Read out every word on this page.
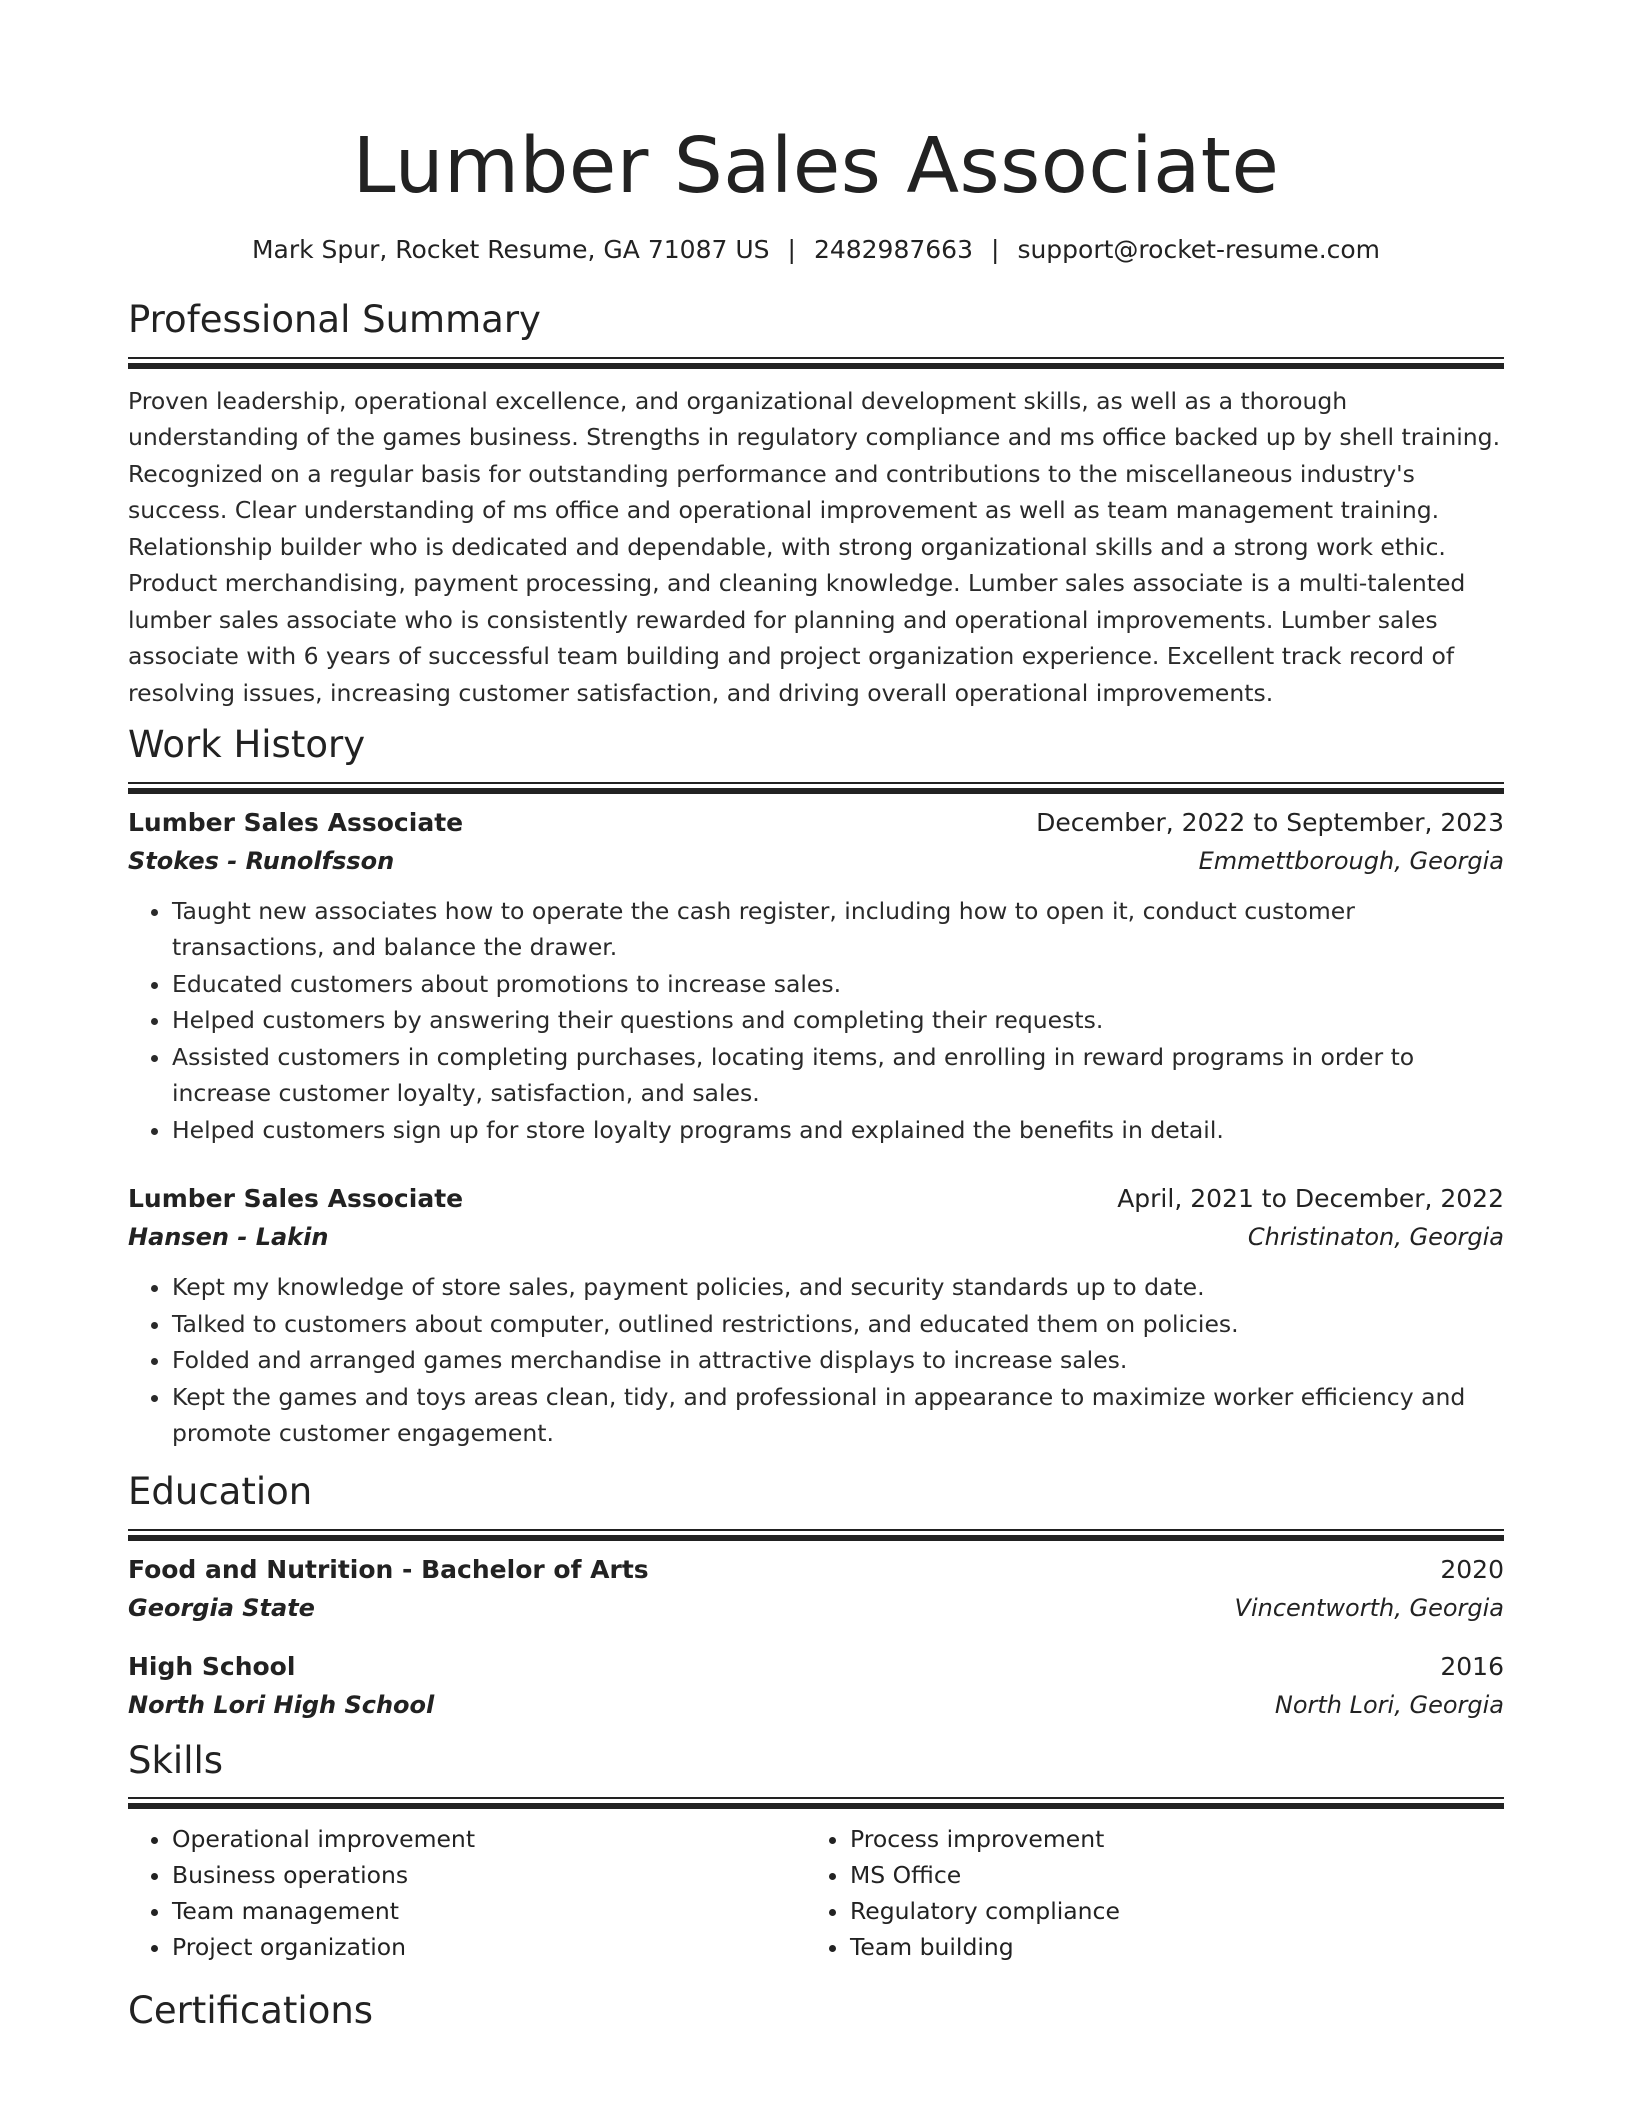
Lumber Sales Associate
Mark Spur, Rocket Resume, GA 71087 US | 2482987663 | support@rocket-resume.com
Professional Summary

Proven leadership, operational excellence, and organizational development skills, as well as a thorough understanding of the games business. Strengths in regulatory compliance and ms office backed up by shell training. Recognized on a regular basis for outstanding performance and contributions to the miscellaneous industry's success. Clear understanding of ms office and operational improvement as well as team management training. Relationship builder who is dedicated and dependable, with strong organizational skills and a strong work ethic. Product merchandising, payment processing, and cleaning knowledge. Lumber sales associate is a multi-talented lumber sales associate who is consistently rewarded for planning and operational improvements. Lumber sales associate with 6 years of successful team building and project organization experience. Excellent track record of resolving issues, increasing customer satisfaction, and driving overall operational improvements.

Work History
Lumber Sales Associate	December, 2022 to September, 2023
Stokes - Runolfsson	Emmettborough, Georgia
• Taught new associates how to operate the cash register, including how to open it, conduct customer transactions, and balance the drawer.
• Educated customers about promotions to increase sales.
• Helped customers by answering their questions and completing their requests.
• Assisted customers in completing purchases, locating items, and enrolling in reward programs in order to increase customer loyalty, satisfaction, and sales.
• Helped customers sign up for store loyalty programs and explained the benefits in detail.
Lumber Sales Associate	April, 2021 to December, 2022
Hansen - Lakin	Christinaton, Georgia
• Kept my knowledge of store sales, payment policies, and security standards up to date.
• Talked to customers about computer, outlined restrictions, and educated them on policies.
• Folded and arranged games merchandise in attractive displays to increase sales.
• Kept the games and toys areas clean, tidy, and professional in appearance to maximize worker efficiency and promote customer engagement.
Education
Food and Nutrition - Bachelor of Arts	2020
Georgia State	Vincentworth, Georgia
High School	2016
North Lori High School	North Lori, Georgia
Skills
• Operational improvement
• Business operations
• Team management
• Project organization
• Process improvement
• MS Office
• Regulatory compliance
• Team building
Certifications
